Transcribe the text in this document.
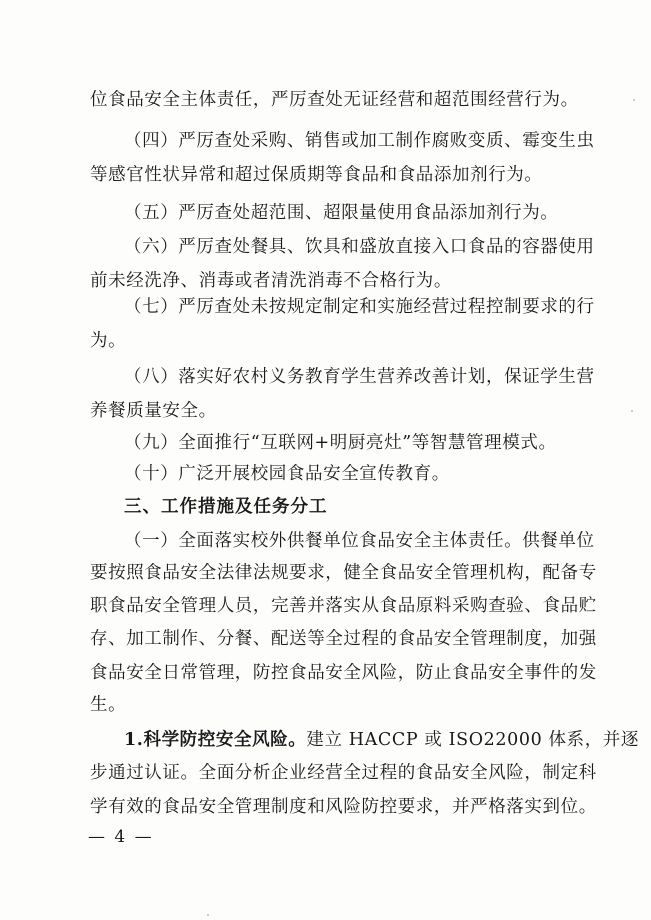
位食品安全主体责任，严厉查处无证经营和超范围经营行为。
（四）严厉查处采购、销售或加工制作腐败变质、霉变生虫
等感官性状异常和超过保质期等食品和食品添加剂行为。
（五）严厉查处超范围、超限量使用食品添加剂行为。
（六）严厉查处餐具、饮具和盛放直接入口食品的容器使用
前未经洗净、消毒或者清洗消毒不合格行为。
（七）严厉查处未按规定制定和实施经营过程控制要求的行
为。
（八）落实好农村义务教育学生营养改善计划，保证学生营
养餐质量安全。
（九）全面推行“互联网+明厨亮灶”等智慧管理模式。
（十）广泛开展校园食品安全宣传教育。
三、工作措施及任务分工
（一）全面落实校外供餐单位食品安全主体责任。供餐单位
要按照食品安全法律法规要求，健全食品安全管理机构，配备专
职食品安全管理人员，完善并落实从食品原料采购查验、食品贮
存、加工制作、分餐、配送等全过程的食品安全管理制度，加强
食品安全日常管理，防控食品安全风险，防止食品安全事件的发
生。
1.科学防控安全风险。建立 HACCP 或 ISO22000 体系，并逐
步通过认证。全面分析企业经营全过程的食品安全风险，制定科
学有效的食品安全管理制度和风险防控要求，并严格落实到位。
— 4 —
